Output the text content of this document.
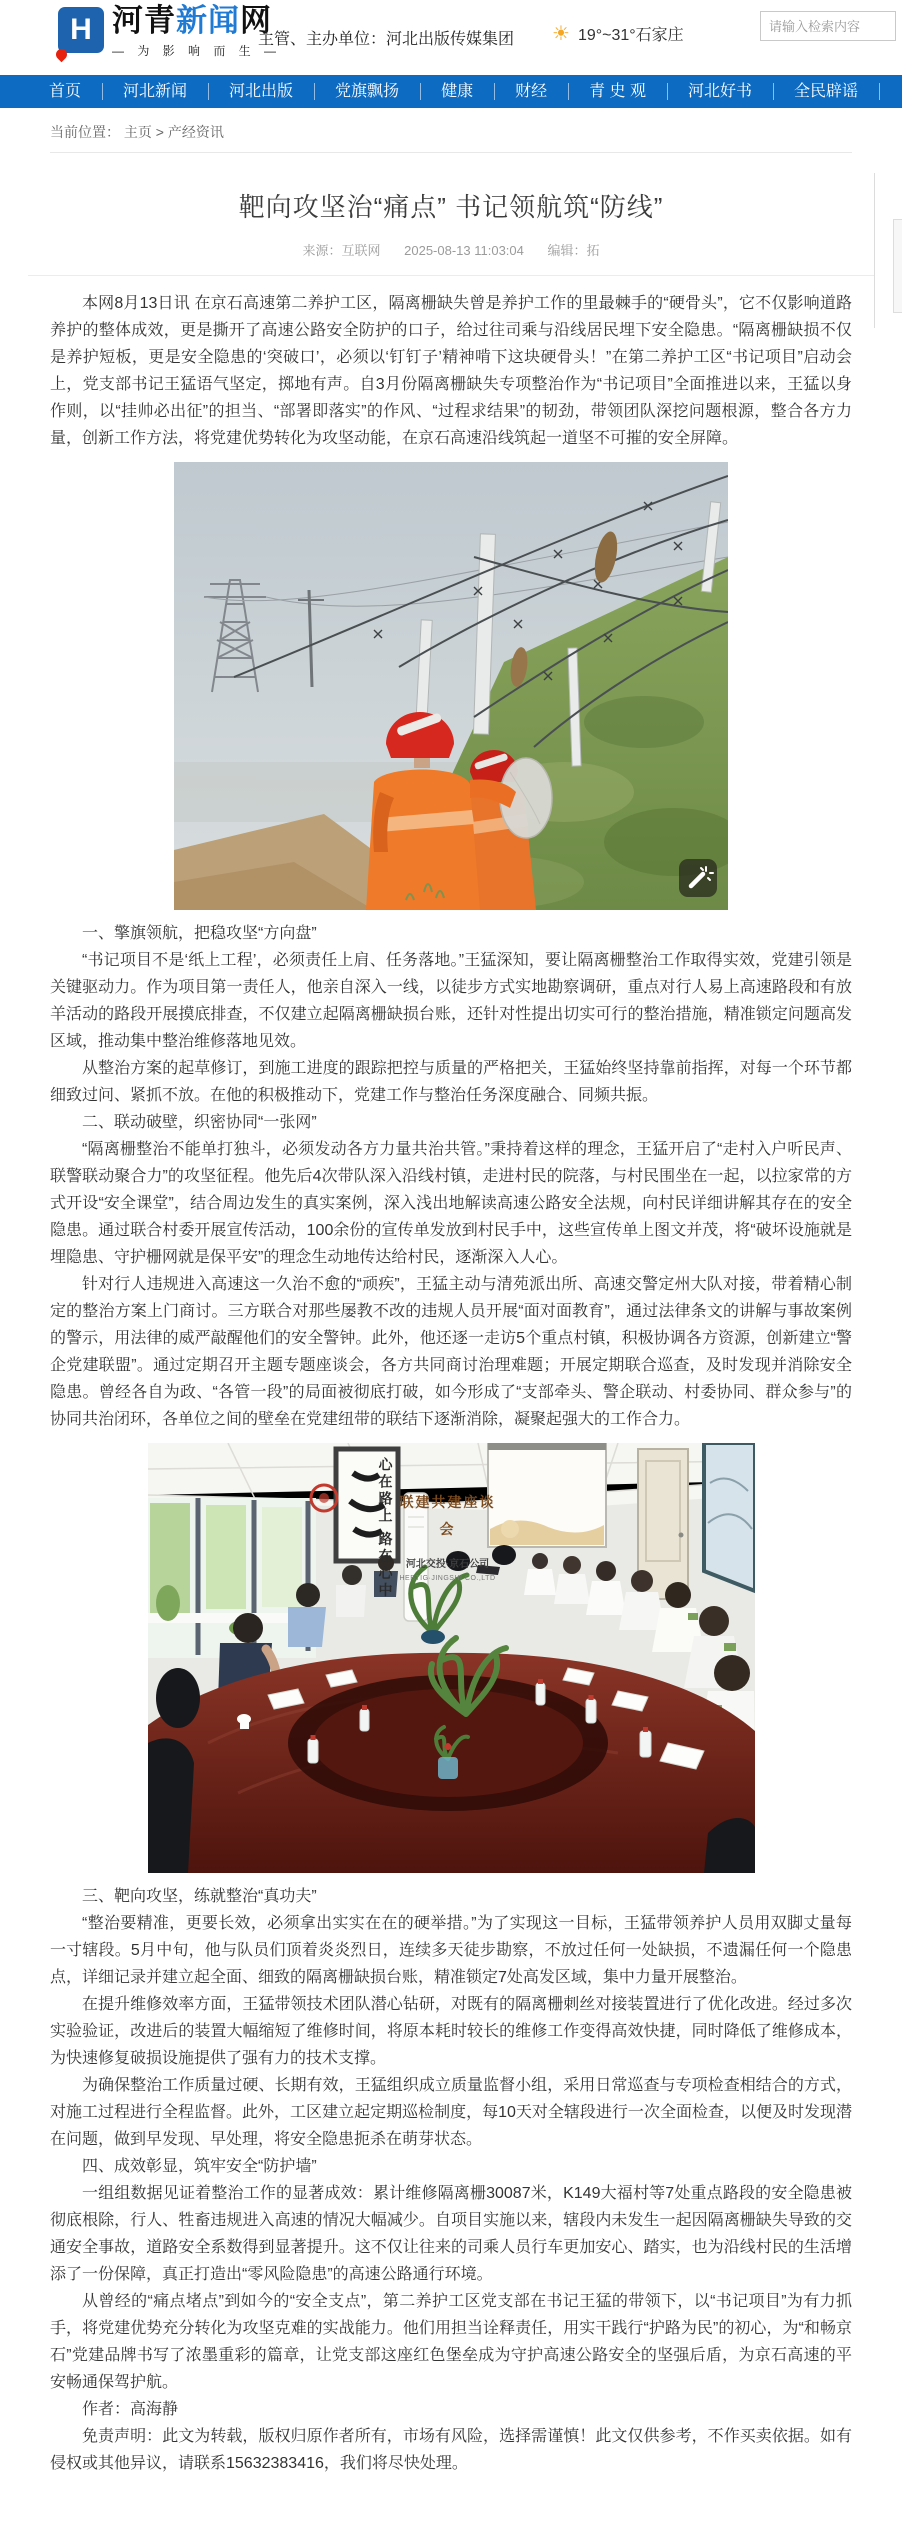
H 河青新闻网
— 为 影 响 而 生 —
主管、主办单位：河北出版传媒集团 ☀ 19°~31°石家庄
请输入检索内容
首页	河北新闻	河北出版	党旗飘扬	健康	财经	青 史 观	河北好书	全民辟谣
当前位置： 主页 > 产经资讯
靶向攻坚治“痛点” 书记领航筑“防线”
来源：互联网 2025-08-13 11:03:04 编辑：拓

本网8月13日讯 在京石高速第二养护工区，隔离栅缺失曾是养护工作的里最棘手的“硬骨头”，它不仅影响道路养护的整体成效，更是撕开了高速公路安全防护的口子，给过往司乘与沿线居民埋下安全隐患。“隔离栅缺损不仅是养护短板，更是安全隐患的‘突破口’，必须以‘钉钉子’精神啃下这块硬骨头！”在第二养护工区“书记项目”启动会上，党支部书记王猛语气坚定，掷地有声。自3月份隔离栅缺失专项整治作为“书记项目”全面推进以来，王猛以身作则，以“挂帅必出征”的担当、“部署即落实”的作风、“过程求结果”的韧劲，带领团队深挖问题根源，整合各方力量，创新工作方法，将党建优势转化为攻坚动能，在京石高速沿线筑起一道坚不可摧的安全屏障。

一、擎旗领航，把稳攻坚“方向盘”

“书记项目不是‘纸上工程’，必须责任上肩、任务落地。”王猛深知，要让隔离栅整治工作取得实效，党建引领是关键驱动力。作为项目第一责任人，他亲自深入一线，以徒步方式实地勘察调研，重点对行人易上高速路段和有放羊活动的路段开展摸底排查，不仅建立起隔离栅缺损台账，还针对性提出切实可行的整治措施，精准锁定问题高发区域，推动集中整治维修落地见效。

从整治方案的起草修订，到施工进度的跟踪把控与质量的严格把关，王猛始终坚持靠前指挥，对每一个环节都细致过问、紧抓不放。在他的积极推动下，党建工作与整治任务深度融合、同频共振。

二、联动破壁，织密协同“一张网”

“隔离栅整治不能单打独斗，必须发动各方力量共治共管。”秉持着这样的理念，王猛开启了“走村入户听民声、联警联动聚合力”的攻坚征程。他先后4次带队深入沿线村镇，走进村民的院落，与村民围坐在一起，以拉家常的方式开设“安全课堂”，结合周边发生的真实案例，深入浅出地解读高速公路安全法规，向村民详细讲解其存在的安全隐患。通过联合村委开展宣传活动，100余份的宣传单发放到村民手中，这些宣传单上图文并茂，将“破坏设施就是埋隐患、守护栅网就是保平安”的理念生动地传达给村民，逐渐深入人心。

针对行人违规进入高速这一久治不愈的“顽疾”，王猛主动与清苑派出所、高速交警定州大队对接，带着精心制定的整治方案上门商讨。三方联合对那些屡教不改的违规人员开展“面对面教育”，通过法律条文的讲解与事故案例的警示，用法律的威严敲醒他们的安全警钟。此外，他还逐一走访5个重点村镇，积极协调各方资源，创新建立“警企党建联盟”。通过定期召开主题专题座谈会，各方共同商讨治理难题；开展定期联合巡查，及时发现并消除安全隐患。曾经各自为政、“各管一段”的局面被彻底打破，如今形成了“支部牵头、警企联动、村委协同、群众参与”的协同共治闭环，各单位之间的壁垒在党建纽带的联结下逐渐消除，凝聚起强大的工作合力。

联建共建座谈会
河北交投·京石公司
HEBTIG·JINGSHI CO.,LTD
心在路上 路在心中

三、靶向攻坚，练就整治“真功夫”

“整治要精准，更要长效，必须拿出实实在在的硬举措。”为了实现这一目标，王猛带领养护人员用双脚丈量每一寸辖段。5月中旬，他与队员们顶着炎炎烈日，连续多天徒步勘察，不放过任何一处缺损，不遗漏任何一个隐患点，详细记录并建立起全面、细致的隔离栅缺损台账，精准锁定7处高发区域，集中力量开展整治。

在提升维修效率方面，王猛带领技术团队潜心钻研，对既有的隔离栅刺丝对接装置进行了优化改进。经过多次实验验证，改进后的装置大幅缩短了维修时间，将原本耗时较长的维修工作变得高效快捷，同时降低了维修成本，为快速修复破损设施提供了强有力的技术支撑。

为确保整治工作质量过硬、长期有效，王猛组织成立质量监督小组，采用日常巡查与专项检查相结合的方式，对施工过程进行全程监督。此外，工区建立起定期巡检制度，每10天对全辖段进行一次全面检查，以便及时发现潜在问题，做到早发现、早处理，将安全隐患扼杀在萌芽状态。

四、成效彰显，筑牢安全“防护墙”

一组组数据见证着整治工作的显著成效：累计维修隔离栅30087米，K149大福村等7处重点路段的安全隐患被彻底根除，行人、牲畜违规进入高速的情况大幅减少。自项目实施以来，辖段内未发生一起因隔离栅缺失导致的交通安全事故，道路安全系数得到显著提升。这不仅让往来的司乘人员行车更加安心、踏实，也为沿线村民的生活增添了一份保障，真正打造出“零风险隐患”的高速公路通行环境。

从曾经的“痛点堵点”到如今的“安全支点”，第二养护工区党支部在书记王猛的带领下，以“书记项目”为有力抓手，将党建优势充分转化为攻坚克难的实战能力。他们用担当诠释责任，用实干践行“护路为民”的初心，为“和畅京石”党建品牌书写了浓墨重彩的篇章，让党支部这座红色堡垒成为守护高速公路安全的坚强后盾，为京石高速的平安畅通保驾护航。

作者：高海静

免责声明：此文为转载，版权归原作者所有，市场有风险，选择需谨慎！此文仅供参考，不作买卖依据。如有侵权或其他异议，请联系15632383416，我们将尽快处理。
